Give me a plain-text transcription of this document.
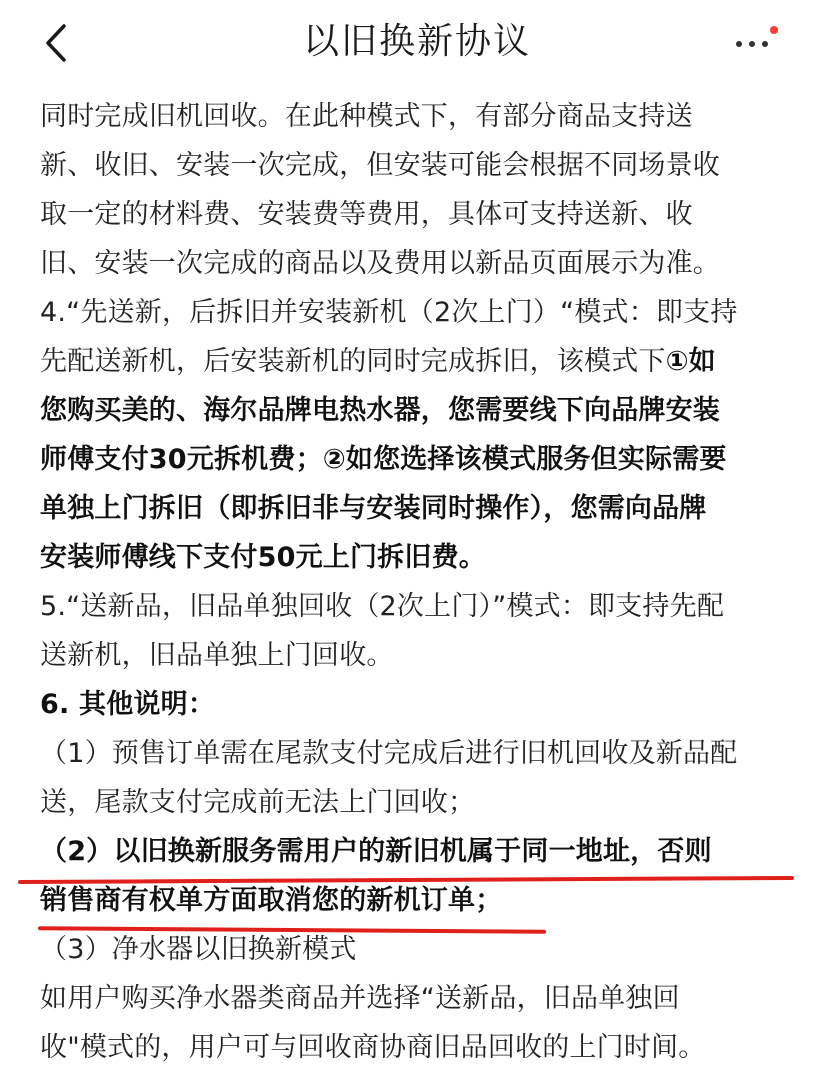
以旧换新协议
同时完成旧机回收。在此种模式下，有部分商品支持送
新、收旧、安装一次完成，但安装可能会根据不同场景收
取一定的材料费、安装费等费用，具体可支持送新、收
旧、安装一次完成的商品以及费用以新品页面展示为准。
4.“先送新，后拆旧并安装新机（2次上门）“模式：即支持
先配送新机，后安装新机的同时完成拆旧，该模式下①如
您购买美的、海尔品牌电热水器，您需要线下向品牌安装
师傅支付30元拆机费；②如您选择该模式服务但实际需要
单独上门拆旧（即拆旧非与安装同时操作），您需向品牌
安装师傅线下支付50元上门拆旧费。
5.“送新品，旧品单独回收（2次上门）”模式：即支持先配
送新机，旧品单独上门回收。
6. 其他说明：
（1）预售订单需在尾款支付完成后进行旧机回收及新品配
送，尾款支付完成前无法上门回收；
（2）以旧换新服务需用户的新旧机属于同一地址，否则
销售商有权单方面取消您的新机订单；
（3）净水器以旧换新模式
如用户购买净水器类商品并选择“送新品，旧品单独回
收"模式的，用户可与回收商协商旧品回收的上门时间。
